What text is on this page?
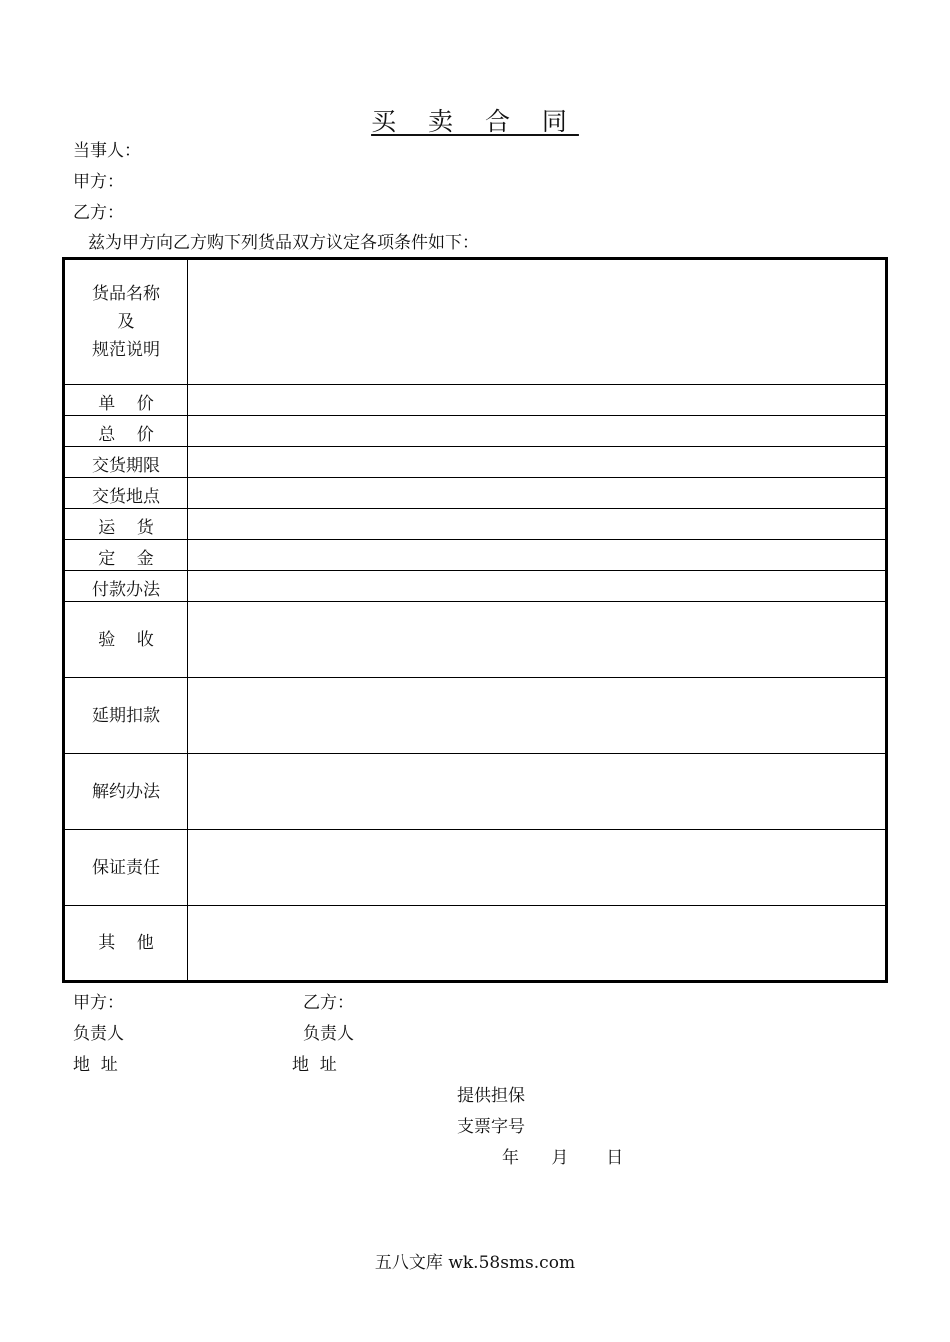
买 卖 合 同
当事人：
甲方：
乙方：
兹为甲方向乙方购下列货品双方议定各项条件如下：
货品名称
及
规范说明	

单    价	
总    价	
交货期限	
交货地点	
运    货	
定    金	
付款办法	
验    收	
延期扣款	
解约办法	
保证责任	
其    他	
甲方：	乙方：
负责人	负责人
地  址	地  址
提供担保
支票字号
年      月       日
五八文库 wk.58sms.com
